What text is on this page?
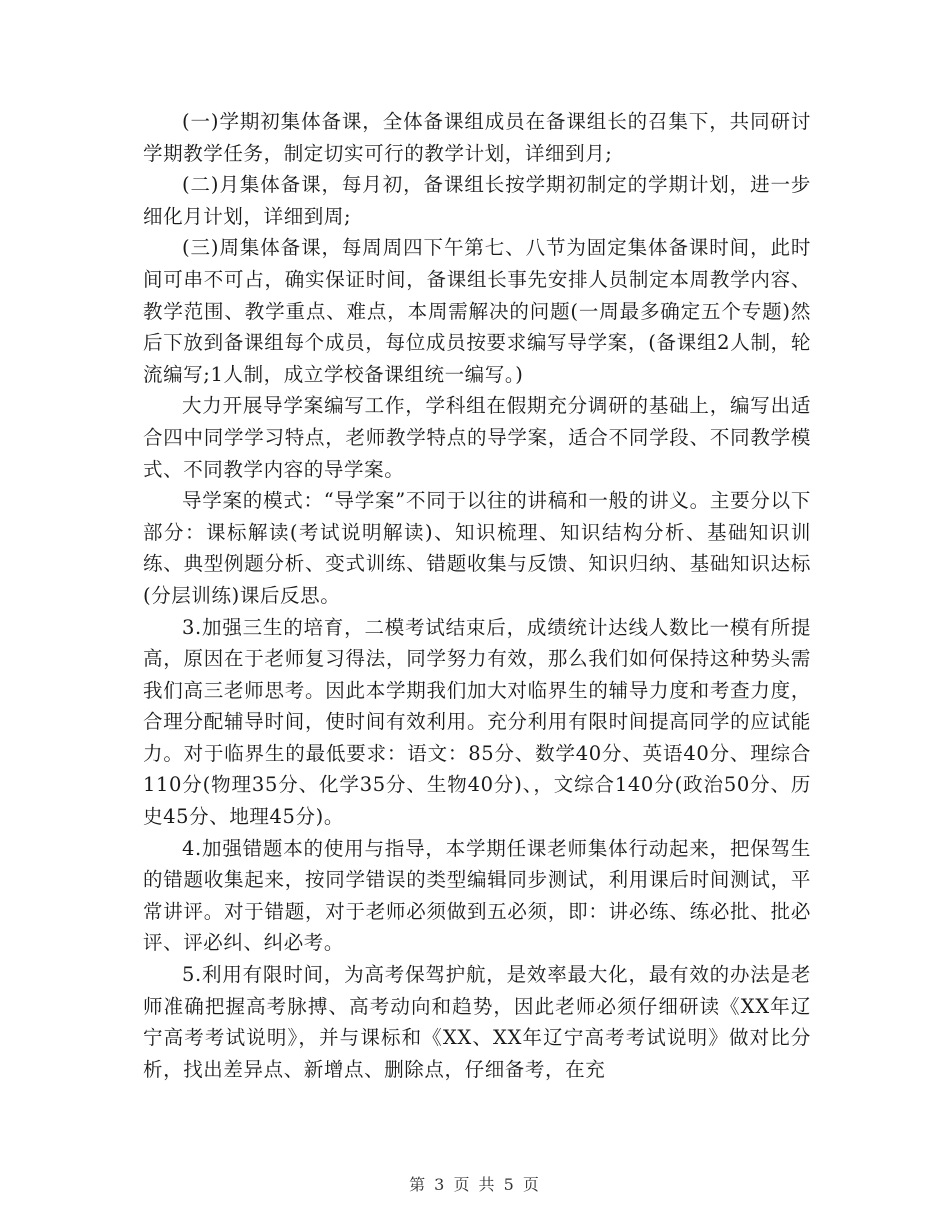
(一)学期初集体备课，全体备课组成员在备课组长的召集下，共同研讨学期教学任务，制定切实可行的教学计划，详细到月;

(二)月集体备课，每月初，备课组长按学期初制定的学期计划，进一步细化月计划，详细到周;

(三)周集体备课，每周周四下午第七、八节为固定集体备课时间，此时间可串不可占，确实保证时间，备课组长事先安排人员制定本周教学内容、教学范围、教学重点、难点，本周需解决的问题(一周最多确定五个专题)然后下放到备课组每个成员，每位成员按要求编写导学案，(备课组2人制，轮流编写;1人制，成立学校备课组统一编写。)

大力开展导学案编写工作，学科组在假期充分调研的基础上，编写出适合四中同学学习特点，老师教学特点的导学案，适合不同学段、不同教学模式、不同教学内容的导学案。

导学案的模式：“导学案”不同于以往的讲稿和一般的讲义。主要分以下部分：课标解读(考试说明解读)、知识梳理、知识结构分析、基础知识训练、典型例题分析、变式训练、错题收集与反馈、知识归纳、基础知识达标(分层训练)课后反思。

3.加强三生的培育，二模考试结束后，成绩统计达线人数比一模有所提高，原因在于老师复习得法，同学努力有效，那么我们如何保持这种势头需我们高三老师思考。因此本学期我们加大对临界生的辅导力度和考查力度，合理分配辅导时间，使时间有效利用。充分利用有限时间提高同学的应试能力。对于临界生的最低要求：语文：85分、数学40分、英语40分、理综合110分(物理35分、化学35分、生物40分)、，文综合140分(政治50分、历史45分、地理45分)。

4.加强错题本的使用与指导，本学期任课老师集体行动起来，把保驾生的错题收集起来，按同学错误的类型编辑同步测试，利用课后时间测试，平常讲评。对于错题，对于老师必须做到五必须，即：讲必练、练必批、批必评、评必纠、纠必考。

5.利用有限时间，为高考保驾护航，是效率最大化，最有效的办法是老师准确把握高考脉搏、高考动向和趋势，因此老师必须仔细研读《XX年辽宁高考考试说明》，并与课标和《XX、XX年辽宁高考考试说明》做对比分析，找出差异点、新增点、删除点，仔细备考，在充

第 3 页 共 5 页
